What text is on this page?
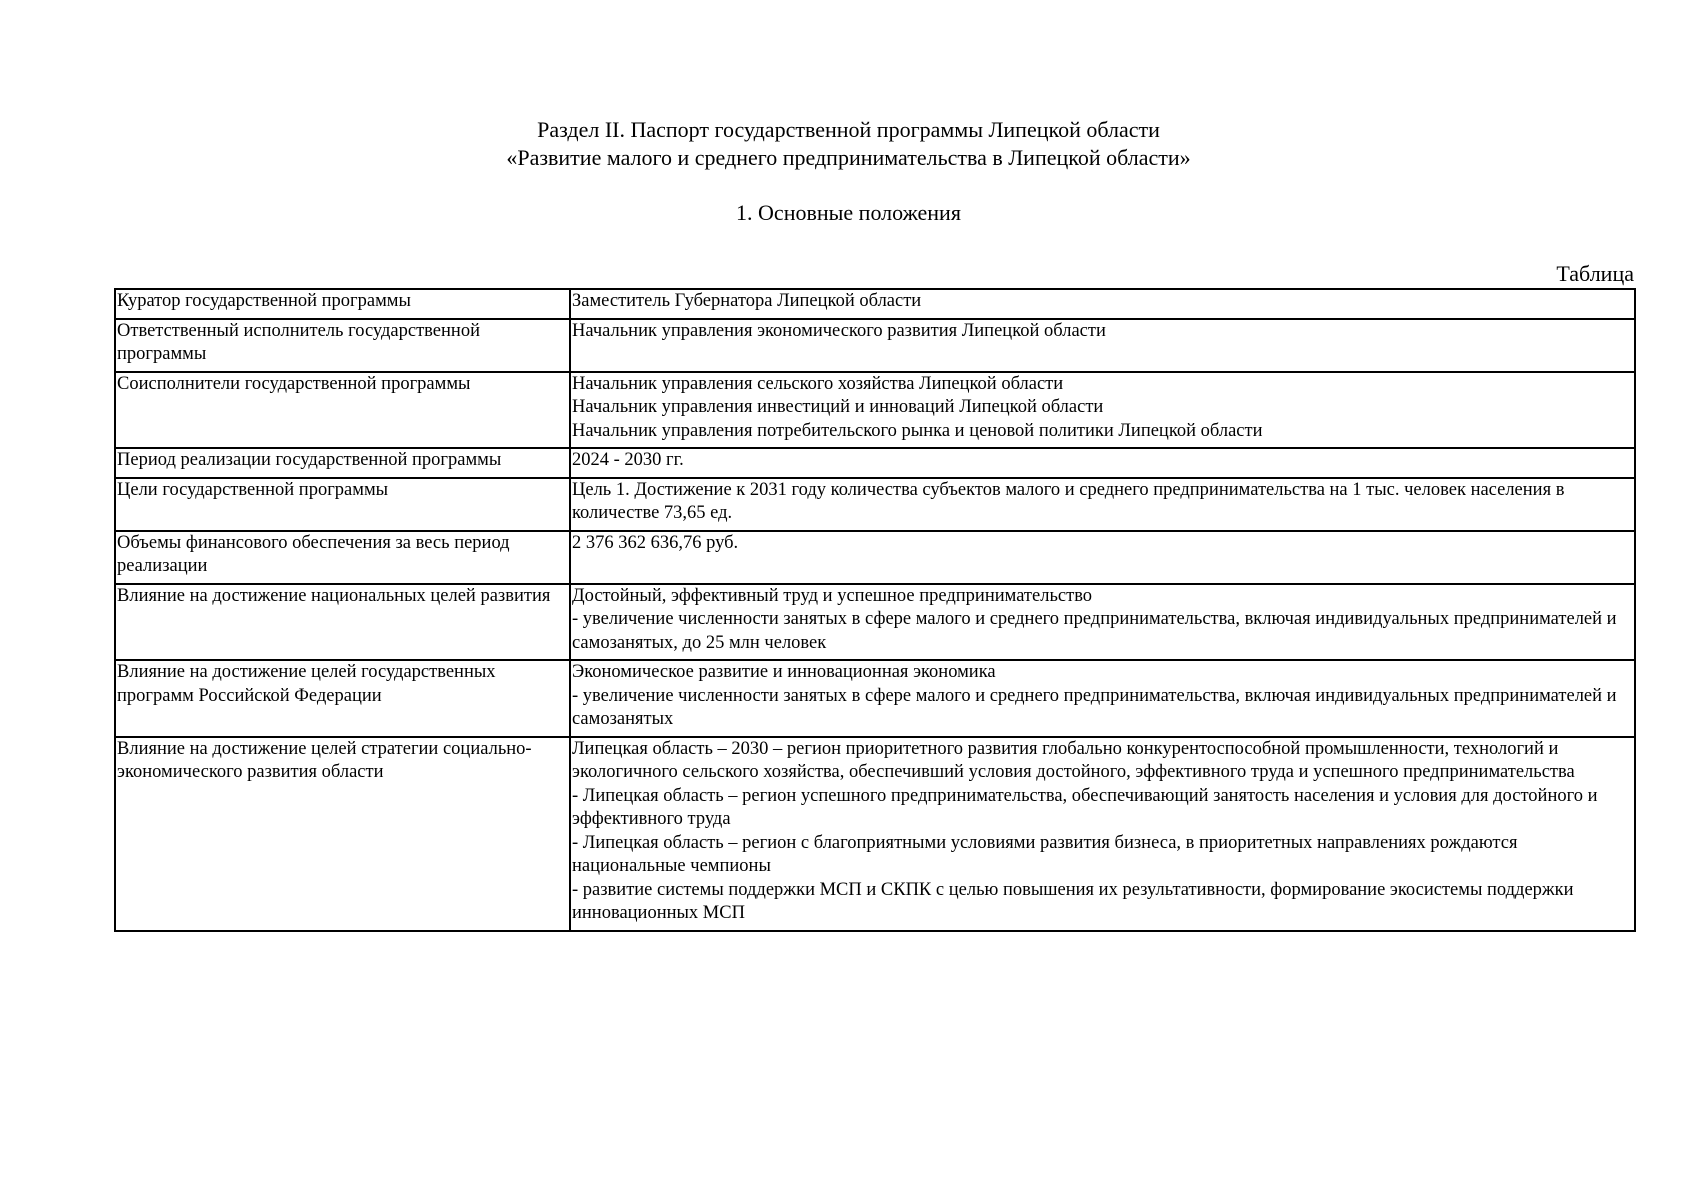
Раздел II. Паспорт государственной программы Липецкой области
«Развитие малого и среднего предпринимательства в Липецкой области»
1. Основные положения
Таблица
Куратор государственной программы	Заместитель Губернатора Липецкой области

Ответственный исполнитель государственной программы	Начальник управления экономического развития Липецкой области

Соисполнители государственной программы	Начальник управления сельского хозяйства Липецкой области
Начальник управления инвестиций и инноваций Липецкой области
Начальник управления потребительского рынка и ценовой политики Липецкой области

Период реализации государственной программы	2024 - 2030 гг.

Цели государственной программы	Цель 1. Достижение к 2031 году количества субъектов малого и среднего предпринимательства на 1 тыс. человек населения в количестве 73,65 ед.

Объемы финансового обеспечения за весь период реализации	2 376 362 636,76 руб.

Влияние на достижение национальных целей развития	Достойный, эффективный труд и успешное предпринимательство
- увеличение численности занятых в сфере малого и среднего предпринимательства, включая индивидуальных предпринимателей и самозанятых, до 25 млн человек

Влияние на достижение целей государственных программ Российской Федерации	Экономическое развитие и инновационная экономика
- увеличение численности занятых в сфере малого и среднего предпринимательства, включая индивидуальных предпринимателей и самозанятых

Влияние на достижение целей стратегии социально-экономического развития области	Липецкая область – 2030 – регион приоритетного развития глобально конкурентоспособной промышленности, технологий и экологичного сельского хозяйства, обеспечивший условия достойного, эффективного труда и успешного предпринимательства
- Липецкая область – регион успешного предпринимательства, обеспечивающий занятость населения и условия для достойного и эффективного труда
- Липецкая область – регион с благоприятными условиями развития бизнеса, в приоритетных направлениях рождаются национальные чемпионы
- развитие системы поддержки МСП и СКПК с целью повышения их результативности, формирование экосистемы поддержки инновационных МСП
